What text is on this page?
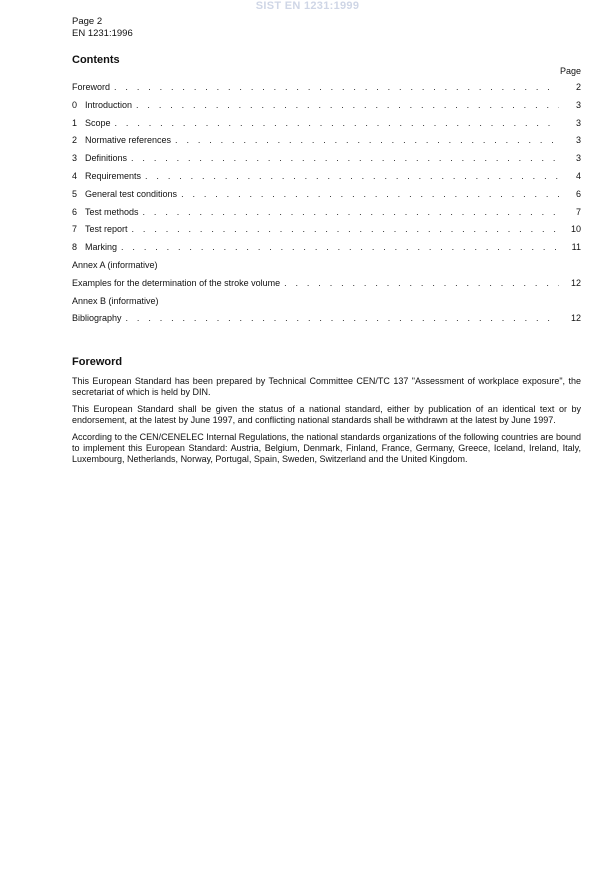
SIST EN 1231:1999
Page 2
EN 1231:1996
Contents
Page
Foreword . . .	2
0 Introduction . . .	3
1 Scope . . .	3
2 Normative references . . .	3
3 Definitions . . .	3
4 Requirements . . .	4
5 General test conditions . . .	6
6 Test methods . . .	7
7 Test report . . .	10
8 Marking . . .	11
Annex A (informative)
Examples for the determination of the stroke volume . . .	12
Annex B (informative)
Bibliography . . .	12
Foreword

This European Standard has been prepared by Technical Committee CEN/TC 137 "Assessment of workplace exposure", the secretariat of which is held by DIN.

This European Standard shall be given the status of a national standard, either by publication of an identical text or by endorsement, at the latest by June 1997, and conflicting national standards shall be withdrawn at the latest by June 1997.

According to the CEN/CENELEC Internal Regulations, the national standards organizations of the following countries are bound to implement this European Standard: Austria, Belgium, Denmark, Finland, France, Germany, Greece, Iceland, Ireland, Italy, Luxembourg, Netherlands, Norway, Portugal, Spain, Sweden, Switzerland and the United Kingdom.
